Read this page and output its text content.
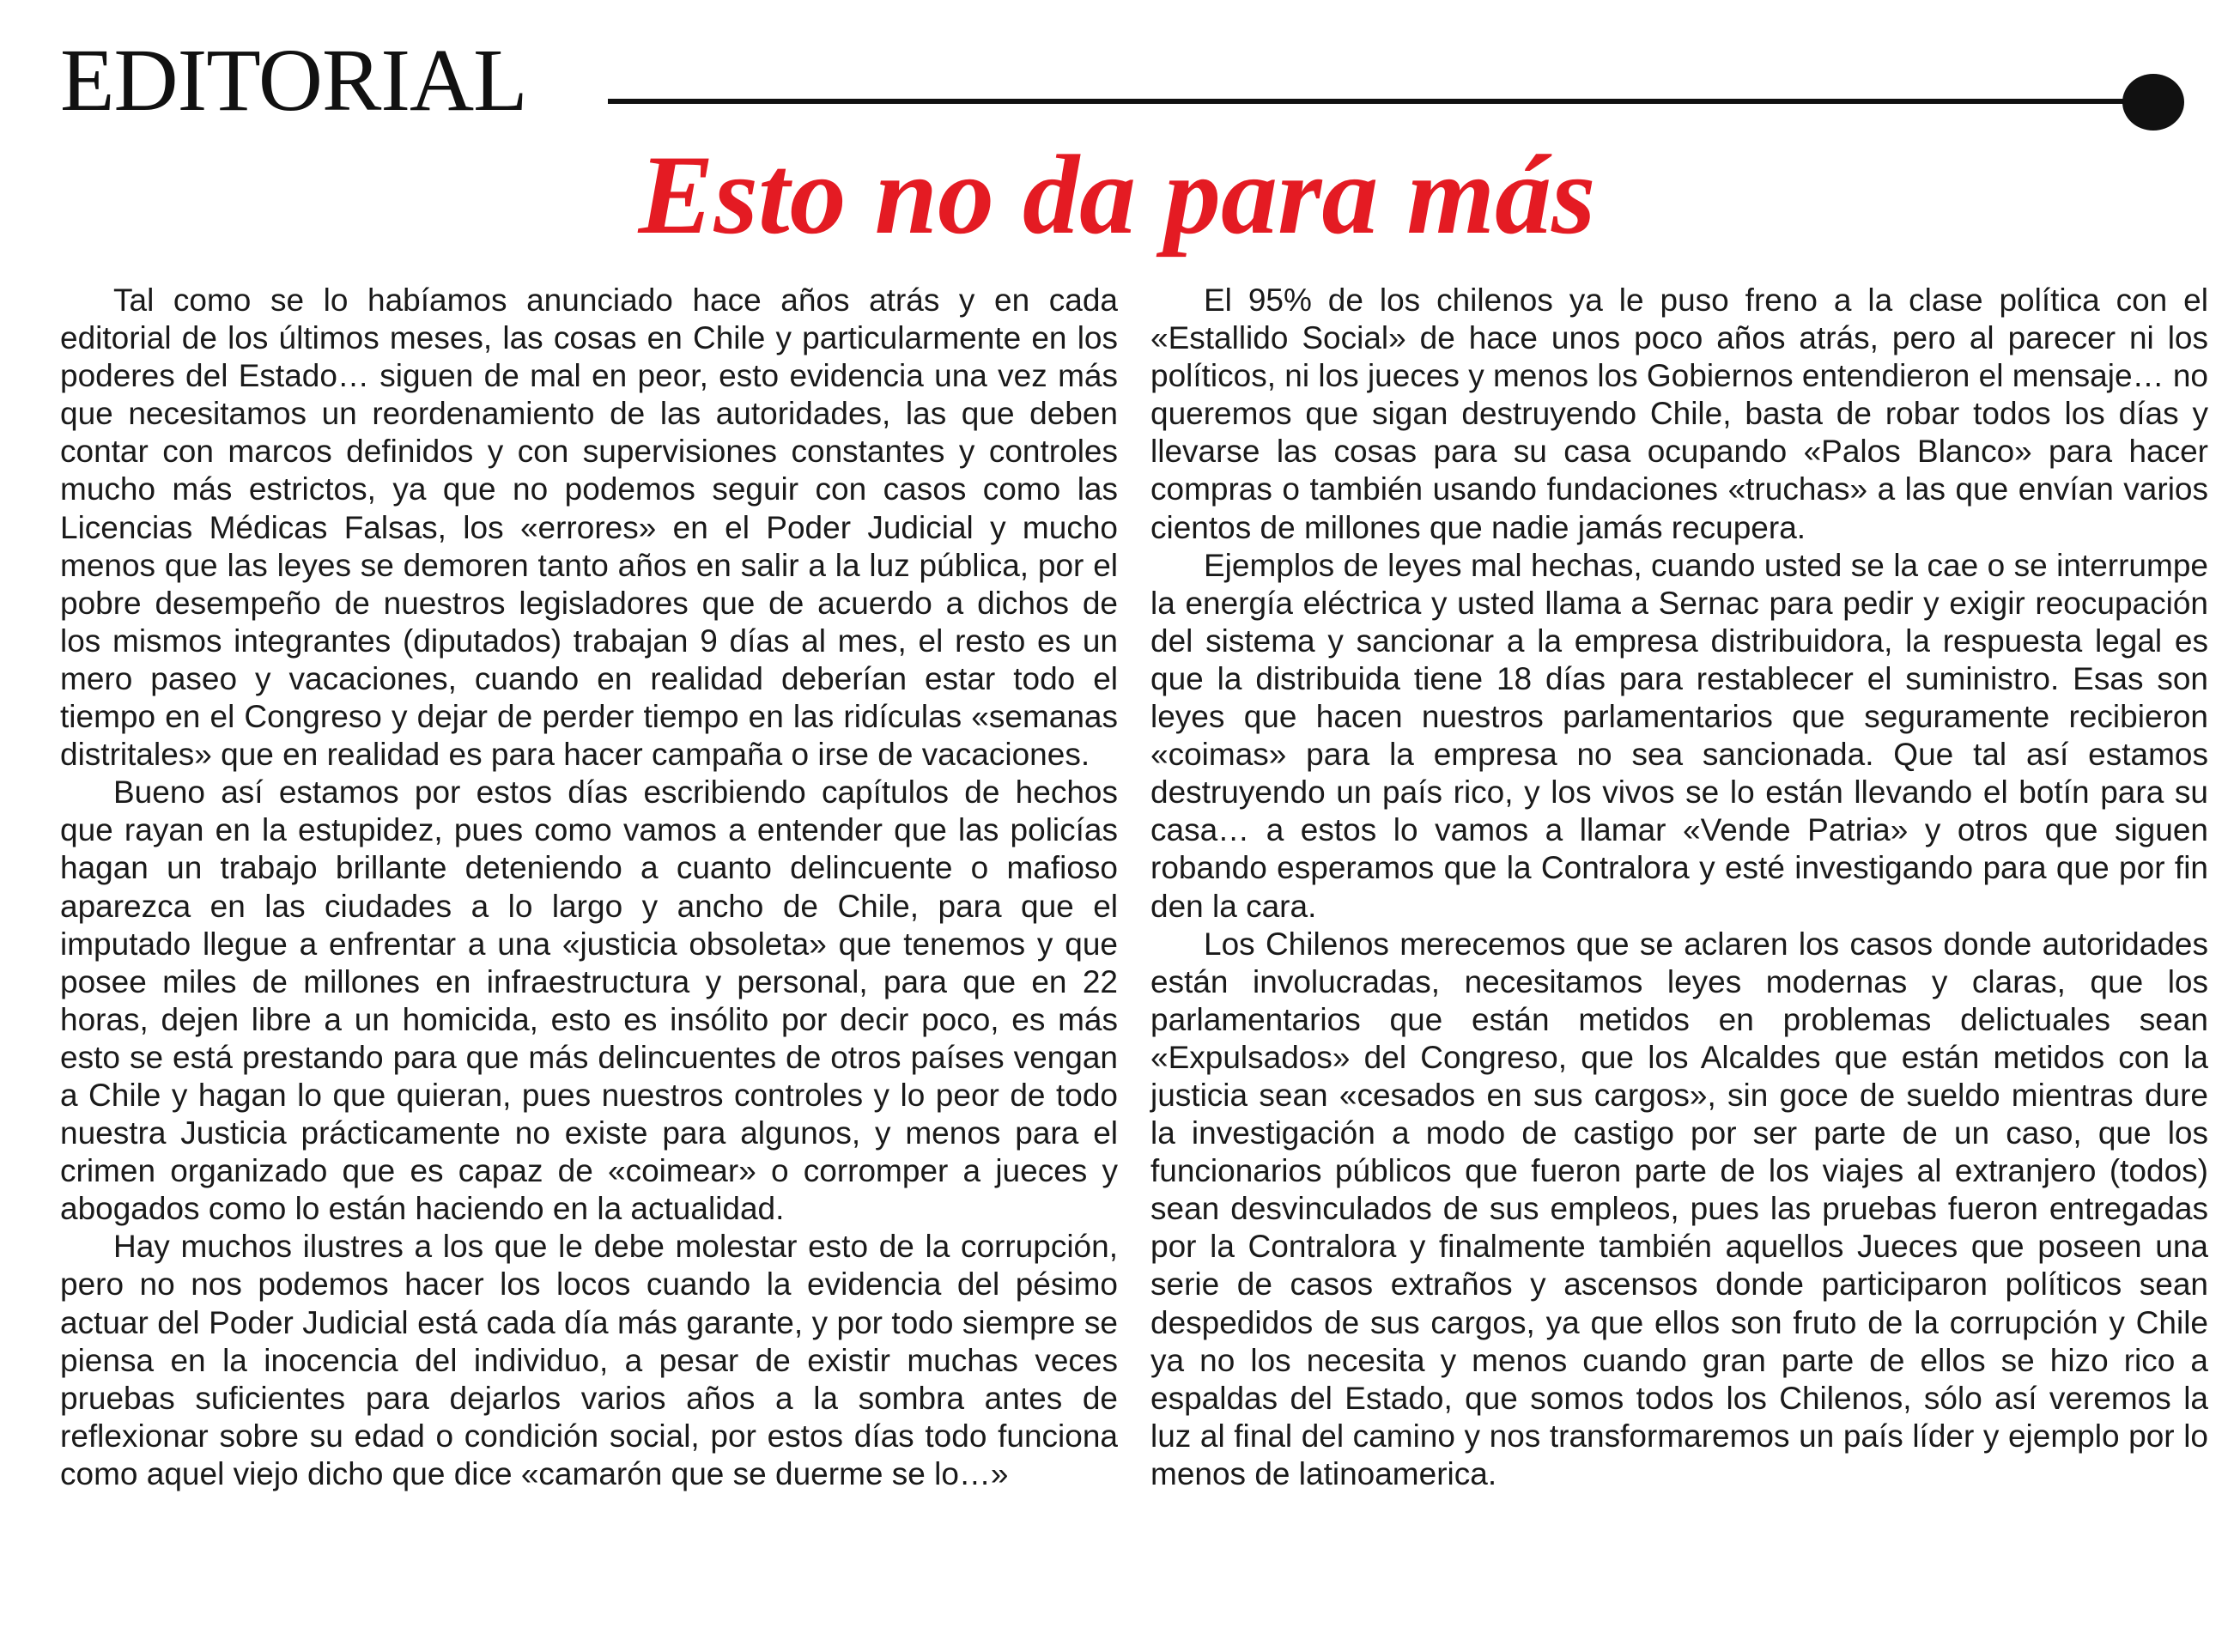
EDITORIAL
Esto no da para más

Tal como se lo habíamos anunciado hace años atrás y en cada editorial de los últimos meses, las cosas en Chile y particularmente en los poderes del Estado… siguen de mal en peor, esto evidencia una vez más que necesitamos un reordenamiento de las autoridades, las que deben contar con marcos definidos y con supervisiones constantes y controles mucho más estrictos, ya que no podemos seguir con casos como las Licencias Médicas Falsas, los «errores» en el Poder Judicial y mucho menos que las leyes se demoren tanto años en salir a la luz pública, por el pobre desempeño de nuestros legisladores que de acuerdo a dichos de los mismos integrantes (diputados) trabajan 9 días al mes, el resto es un mero paseo y vacaciones, cuando en realidad deberían estar todo el tiempo en el Congreso y dejar de perder tiempo en las ridículas «semanas distritales» que en realidad es para hacer campaña o irse de vacaciones.

Bueno así estamos por estos días escribiendo capítulos de hechos que rayan en la estupidez, pues como vamos a entender que las policías hagan un trabajo brillante deteniendo a cuanto delincuente o mafioso aparezca en las ciudades a lo largo y ancho de Chile, para que el imputado llegue a enfrentar a una «justicia obsoleta» que tenemos y que posee miles de millones en infraestructura y personal, para que en 22 horas, dejen libre a un homicida, esto es insólito por decir poco, es más esto se está prestando para que más delincuentes de otros países vengan a Chile y hagan lo que quieran, pues nuestros controles y lo peor de todo nuestra Justicia prácticamente no existe para algunos, y menos para el crimen organizado que es capaz de «coimear» o corromper a jueces y abogados como lo están haciendo en la actualidad.

Hay muchos ilustres a los que le debe molestar esto de la corrupción, pero no nos podemos hacer los locos cuando la evidencia del pésimo actuar del Poder Judicial está cada día más garante, y por todo siempre se piensa en la inocencia del individuo, a pesar de existir muchas veces pruebas suficientes para dejarlos varios años a la sombra antes de reflexionar sobre su edad o condición social, por estos días todo funciona como aquel viejo dicho que dice «camarón que se duerme se lo…»

El 95% de los chilenos ya le puso freno a la clase política con el «Estallido Social» de hace unos poco años atrás, pero al parecer ni los políticos, ni los jueces y menos los Gobiernos entendieron el mensaje… no queremos que sigan destruyendo Chile, basta de robar todos los días y llevarse las cosas para su casa ocupando «Palos Blanco» para hacer compras o también usando fundaciones «truchas» a las que envían varios cientos de millones que nadie jamás recupera.

Ejemplos de leyes mal hechas, cuando usted se la cae o se interrumpe la energía eléctrica y usted llama a Sernac para pedir y exigir reocupación del sistema y sancionar a la empresa distribuidora, la respuesta legal es que la distribuida tiene 18 días para restablecer el suministro. Esas son leyes que hacen nuestros parlamentarios que seguramente recibieron «coimas» para la empresa no sea sancionada. Que tal así estamos destruyendo un país rico, y los vivos se lo están llevando el botín para su casa… a estos lo vamos a llamar «Vende Patria» y otros que siguen robando esperamos que la Contralora y esté investigando para que por fin den la cara.

Los Chilenos merecemos que se aclaren los casos donde autoridades están involucradas, necesitamos leyes modernas y claras, que los parlamentarios que están metidos en problemas delictuales sean «Expulsados» del Congreso, que los Alcaldes que están metidos con la justicia sean «cesados en sus cargos», sin goce de sueldo mientras dure la investigación a modo de castigo por ser parte de un caso, que los funcionarios públicos que fueron parte de los viajes al extranjero (todos) sean desvinculados de sus empleos, pues las pruebas fueron entregadas por la Contralora y finalmente también aquellos Jueces que poseen una serie de casos extraños y ascensos donde participaron políticos sean despedidos de sus cargos, ya que ellos son fruto de la corrupción y Chile ya no los necesita y menos cuando gran parte de ellos se hizo rico a espaldas del Estado, que somos todos los Chilenos, sólo así veremos la luz al final del camino y nos transformaremos un país líder y ejemplo por lo menos de latinoamerica.
